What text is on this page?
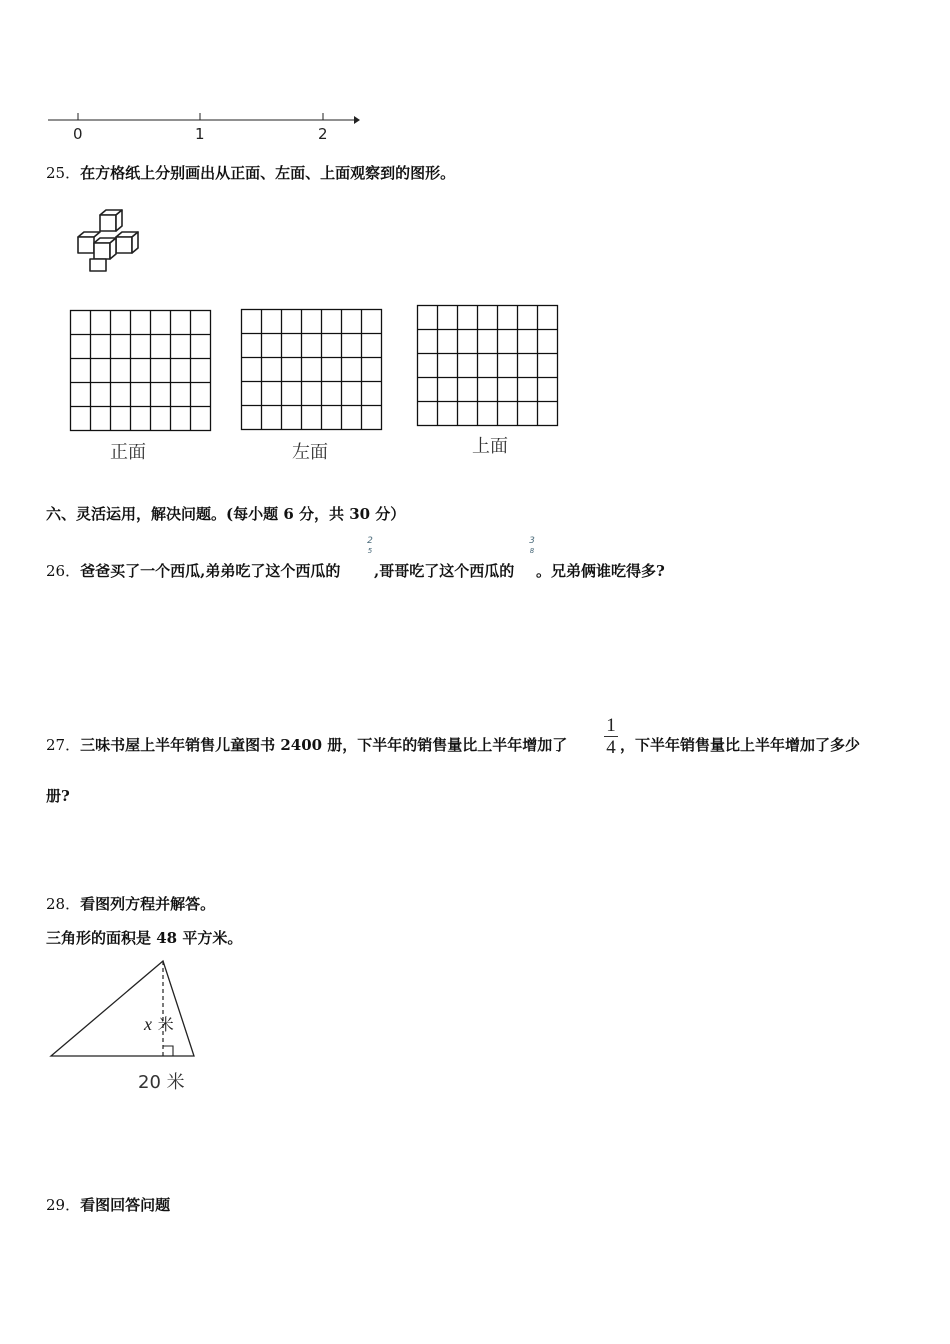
0	1	2
25．在方格纸上分别画出从正面、左面、上面观察到的图形。
正面	左面	上面
六、灵活运用，解决问题。(每小题 6 分，共 30 分）
26．爸爸买了一个西瓜,弟弟吃了这个西瓜的
2
5
,哥哥吃了这个西瓜的
3
8
。兄弟俩谁吃得多?
27．三味书屋上半年销售儿童图书 2400 册，下半年的销售量比上半年增加了
1
4 ，下半年销售量比上半年增加了多少
册?
28．看图列方程并解答。
三角形的面积是 48 平方米。
x 米
20 米
29．看图回答问题
